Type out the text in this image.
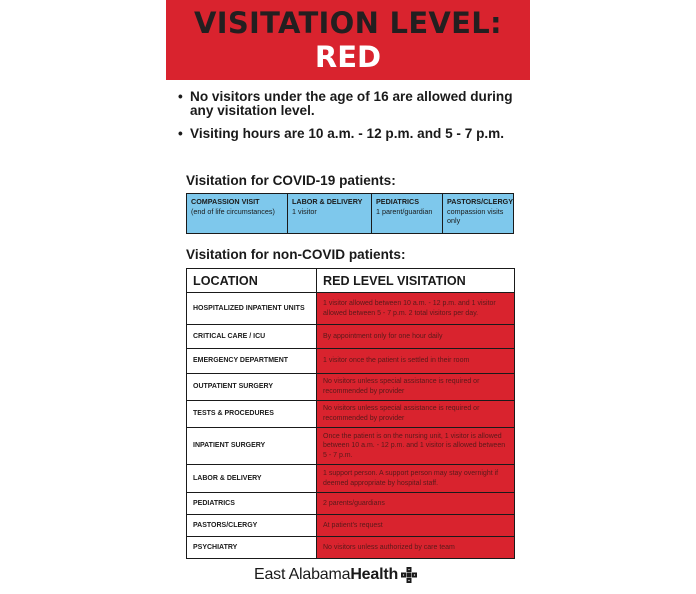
VISITATION LEVEL:
RED
• No visitors under the age of 16 are allowed during any visitation level.
• Visiting hours are 10 a.m. - 12 p.m. and 5 - 7 p.m.
Visitation for COVID-19 patients:
COMPASSION VISIT
(end of life circumstances)
LABOR & DELIVERY
1 visitor
PEDIATRICS
1 parent/guardian
PASTORS/CLERGY
compassion visits only
Visitation for non-COVID patients:
LOCATION	RED LEVEL VISITATION
HOSPITALIZED INPATIENT UNITS	1 visitor allowed between 10 a.m. - 12 p.m. and 1 visitor allowed between 5 - 7 p.m. 2 total visitors per day.
CRITICAL CARE / ICU	By appointment only for one hour daily
EMERGENCY DEPARTMENT	1 visitor once the patient is settled in their room
OUTPATIENT SURGERY	No visitors unless special assistance is required or recommended by provider
TESTS & PROCEDURES	No visitors unless special assistance is required or recommended by provider
INPATIENT SURGERY	Once the patient is on the nursing unit, 1 visitor is allowed between 10 a.m. - 12 p.m. and 1 visitor is allowed between 5 - 7 p.m.
LABOR & DELIVERY	1 support person. A support person may stay overnight if deemed appropriate by hospital staff.
PEDIATRICS	2 parents/guardians
PASTORS/CLERGY	At patient's request
PSYCHIATRY	No visitors unless authorized by care team
East Alabama Health
